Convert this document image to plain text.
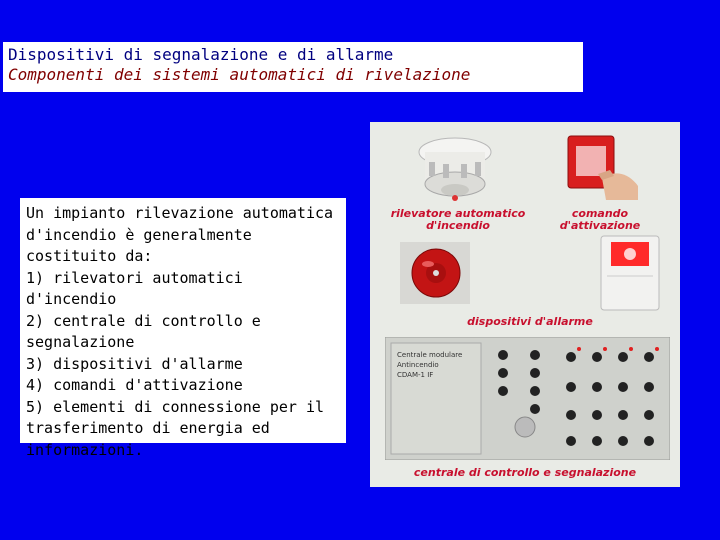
Dispositivi di segnalazione e di allarme
Componenti dei sistemi automatici di rivelazione
Un impianto rilevazione automatica
d'incendio è generalmente
costituito da:
1) rilevatori automatici d'incendio
2) centrale di controllo e
segnalazione
3) dispositivi d'allarme
4) comandi d'attivazione
5) elementi di connessione per il
trasferimento di energia ed
informazioni.
rilevatore automatico
d'incendio
comando
d'attivazione
dispositivi d'allarme
Centrale modulare
Antincendio
CDAM-1 IF
centrale di controllo e segnalazione
